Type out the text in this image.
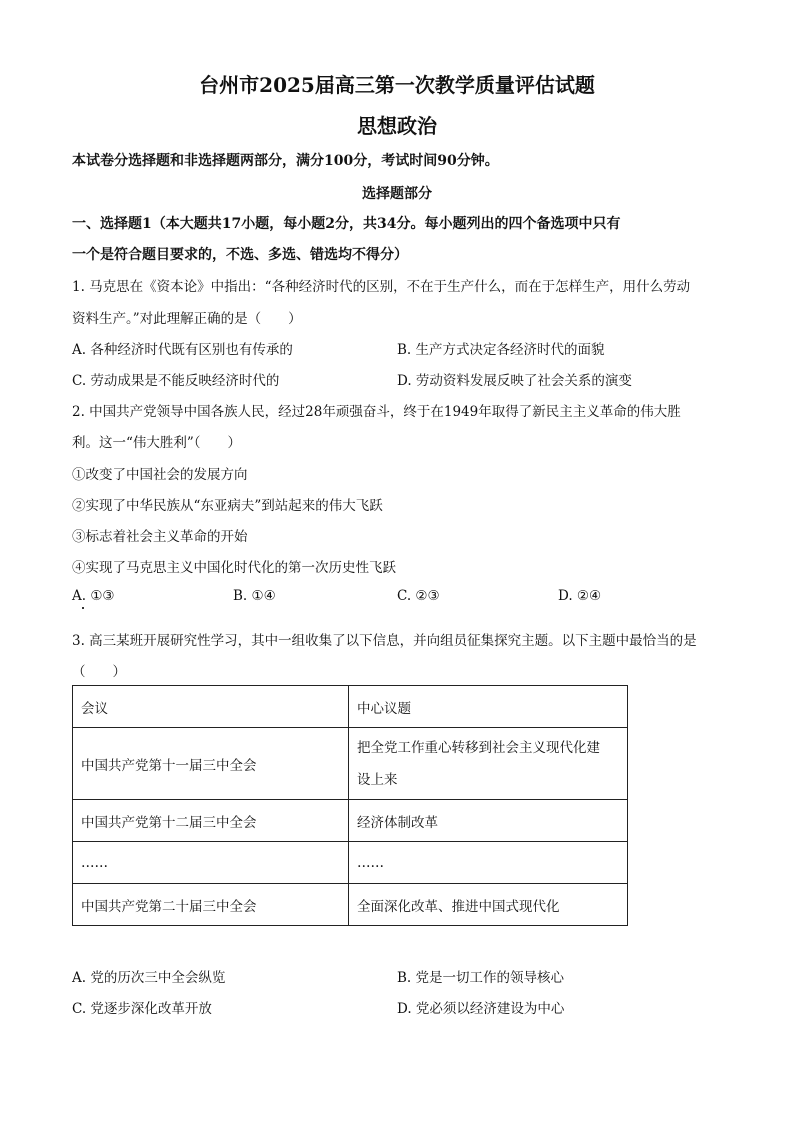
台州市2025届高三第一次教学质量评估试题
思想政治
本试卷分选择题和非选择题两部分，满分100分，考试时间90分钟。
选择题部分
一、选择题1（本大题共17小题，每小题2分，共34分。每小题列出的四个备选项中只有
一个是符合题目要求的，不选、多选、错选均不得分）
1. 马克思在《资本论》中指出：“各种经济时代的区别，不在于生产什么，而在于怎样生产，用什么劳动
资料生产。”对此理解正确的是（　　）
A. 各种经济时代既有区别也有传承的	B. 生产方式决定各经济时代的面貌
C. 劳动成果是不能反映经济时代的	D. 劳动资料发展反映了社会关系的演变
2. 中国共产党领导中国各族人民，经过28年顽强奋斗，终于在1949年取得了新民主主义革命的伟大胜
利。这一“伟大胜利”（　　）
①改变了中国社会的发展方向
②实现了中华民族从“东亚病夫”到站起来的伟大飞跃
③标志着社会主义革命的开始
④实现了马克思主义中国化时代化的第一次历史性飞跃
A. ①③	B. ①④	C. ②③	D. ②④
3. 高三某班开展研究性学习，其中一组收集了以下信息，并向组员征集探究主题。以下主题中最恰当的是
（　　）
会议	中心议题
中国共产党第十一届三中全会	把全党工作重心转移到社会主义现代化建
设上来
中国共产党第十二届三中全会	经济体制改革
……	……
中国共产党第二十届三中全会	全面深化改革、推进中国式现代化
A. 党的历次三中全会纵览	B. 党是一切工作的领导核心
C. 党逐步深化改革开放	D. 党必须以经济建设为中心
